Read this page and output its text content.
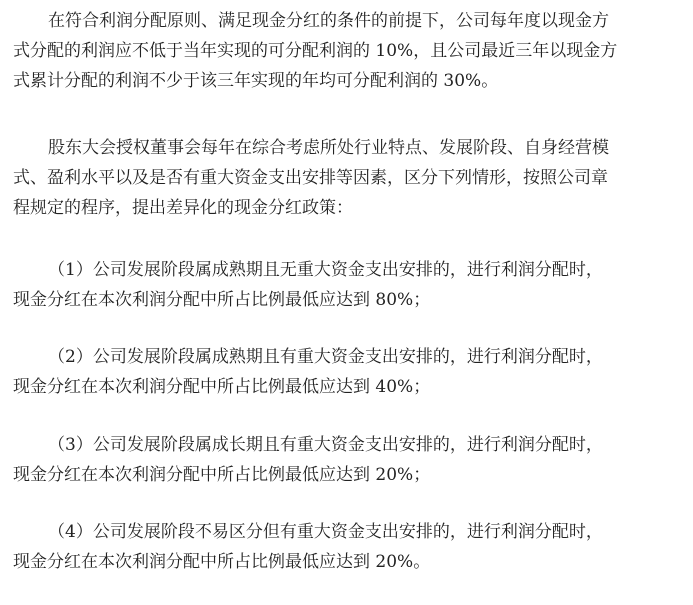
在符合利润分配原则、满足现金分红的条件的前提下，公司每年度以现金方
式分配的利润应不低于当年实现的可分配利润的 10%，且公司最近三年以现金方
式累计分配的利润不少于该三年实现的年均可分配利润的 30%。
股东大会授权董事会每年在综合考虑所处行业特点、发展阶段、自身经营模
式、盈利水平以及是否有重大资金支出安排等因素，区分下列情形，按照公司章
程规定的程序，提出差异化的现金分红政策：
（1）公司发展阶段属成熟期且无重大资金支出安排的，进行利润分配时，
现金分红在本次利润分配中所占比例最低应达到 80%；
（2）公司发展阶段属成熟期且有重大资金支出安排的，进行利润分配时，
现金分红在本次利润分配中所占比例最低应达到 40%；
（3）公司发展阶段属成长期且有重大资金支出安排的，进行利润分配时，
现金分红在本次利润分配中所占比例最低应达到 20%；
（4）公司发展阶段不易区分但有重大资金支出安排的，进行利润分配时，
现金分红在本次利润分配中所占比例最低应达到 20%。
